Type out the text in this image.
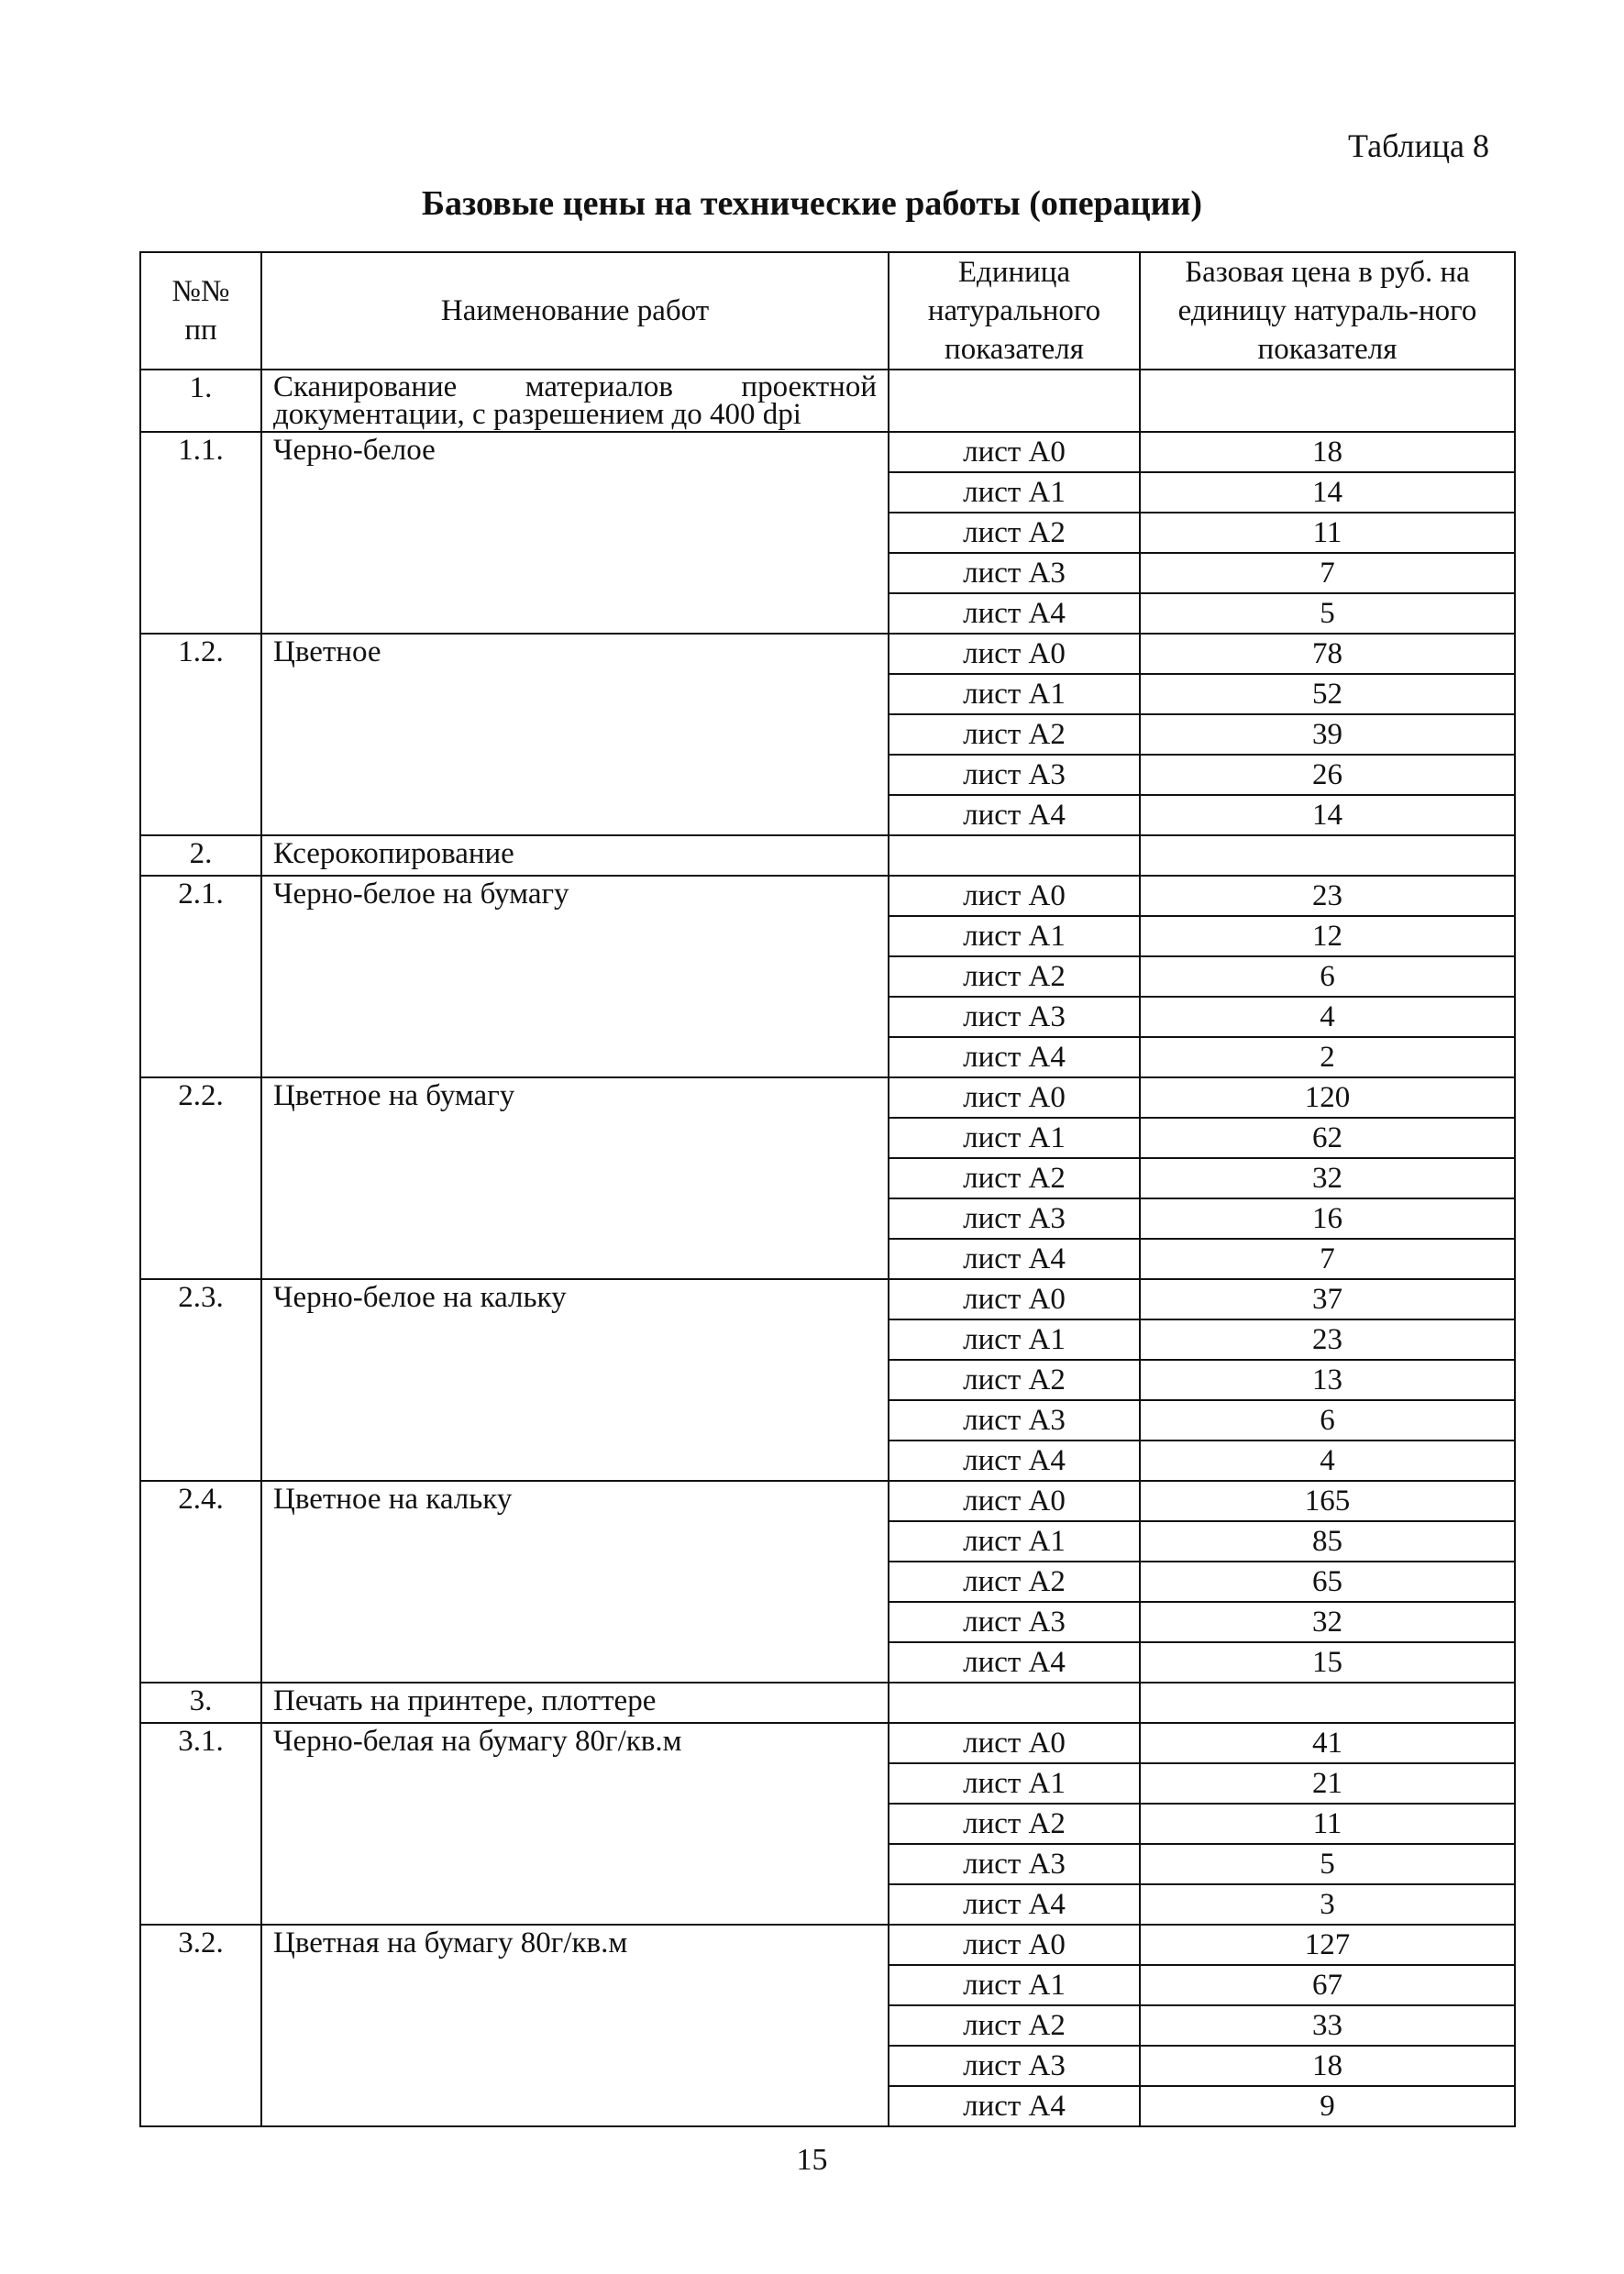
Таблица 8
Базовые цены на технические работы (операции)
№№
пп	Наименование работ	Единица натурального показателя	Базовая цена в руб. на единицу натураль-ного показателя
1.	Сканирование материалов проектной документации, с разрешением до 400 dpi		
1.1.	Черно-белое	лист А0	18
		лист А1	14
		лист А2	11
		лист А3	7
		лист А4	5
1.2.	Цветное	лист А0	78
		лист А1	52
		лист А2	39
		лист А3	26
		лист А4	14
2.	Ксерокопирование		
2.1.	Черно-белое на бумагу	лист А0	23
		лист А1	12
		лист А2	6
		лист А3	4
		лист А4	2
2.2.	Цветное на бумагу	лист А0	120
		лист А1	62
		лист А2	32
		лист А3	16
		лист А4	7
2.3.	Черно-белое на кальку	лист А0	37
		лист А1	23
		лист А2	13
		лист А3	6
		лист А4	4
2.4.	Цветное на кальку	лист А0	165
		лист А1	85
		лист А2	65
		лист А3	32
		лист А4	15
3.	Печать на принтере, плоттере		
3.1.	Черно-белая на бумагу 80г/кв.м	лист А0	41
		лист А1	21
		лист А2	11
		лист А3	5
		лист А4	3
3.2.	Цветная на бумагу 80г/кв.м	лист А0	127
		лист А1	67
		лист А2	33
		лист А3	18
		лист А4	9
15
